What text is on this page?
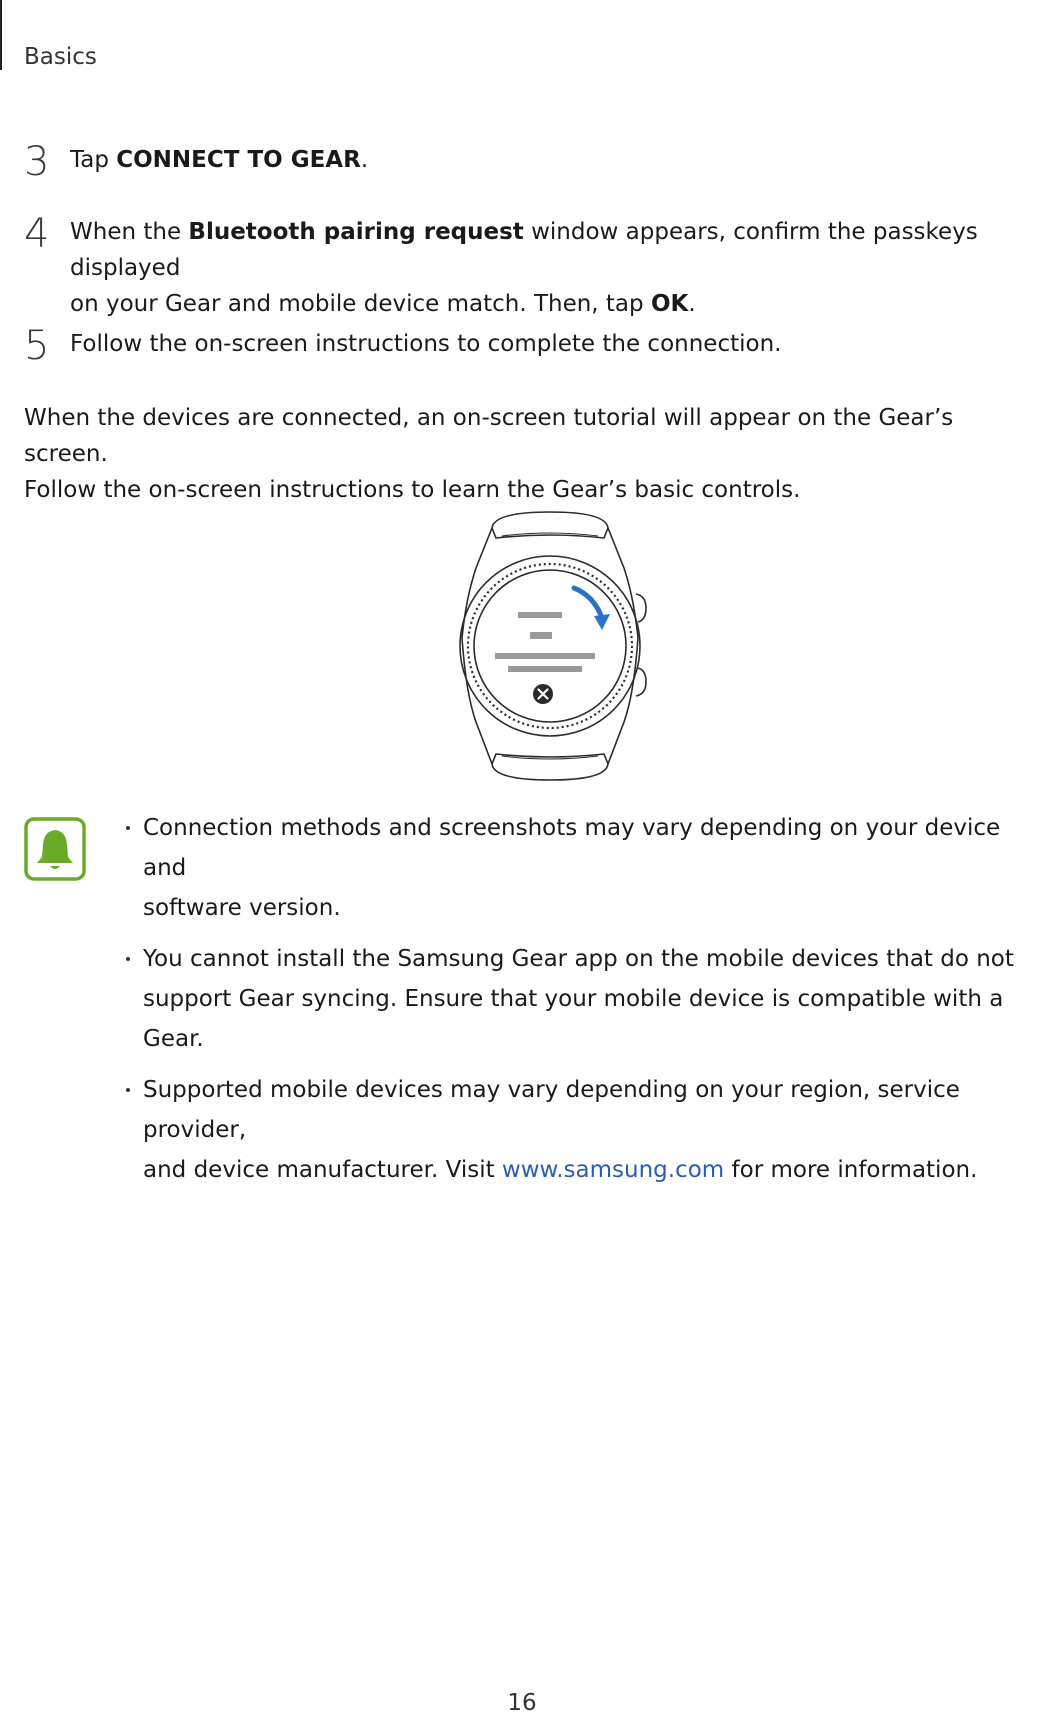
Basics
3 Tap CONNECT TO GEAR.
4 When the Bluetooth pairing request window appears, confirm the passkeys displayed
on your Gear and mobile device match. Then, tap OK.
5 Follow the on-screen instructions to complete the connection.
When the devices are connected, an on-screen tutorial will appear on the Gear’s screen.
Follow the on-screen instructions to learn the Gear’s basic controls.
Connection methods and screenshots may vary depending on your device and
software version.
You cannot install the Samsung Gear app on the mobile devices that do not
support Gear syncing. Ensure that your mobile device is compatible with a Gear.
Supported mobile devices may vary depending on your region, service provider,
and device manufacturer. Visit www.samsung.com for more information.
16
